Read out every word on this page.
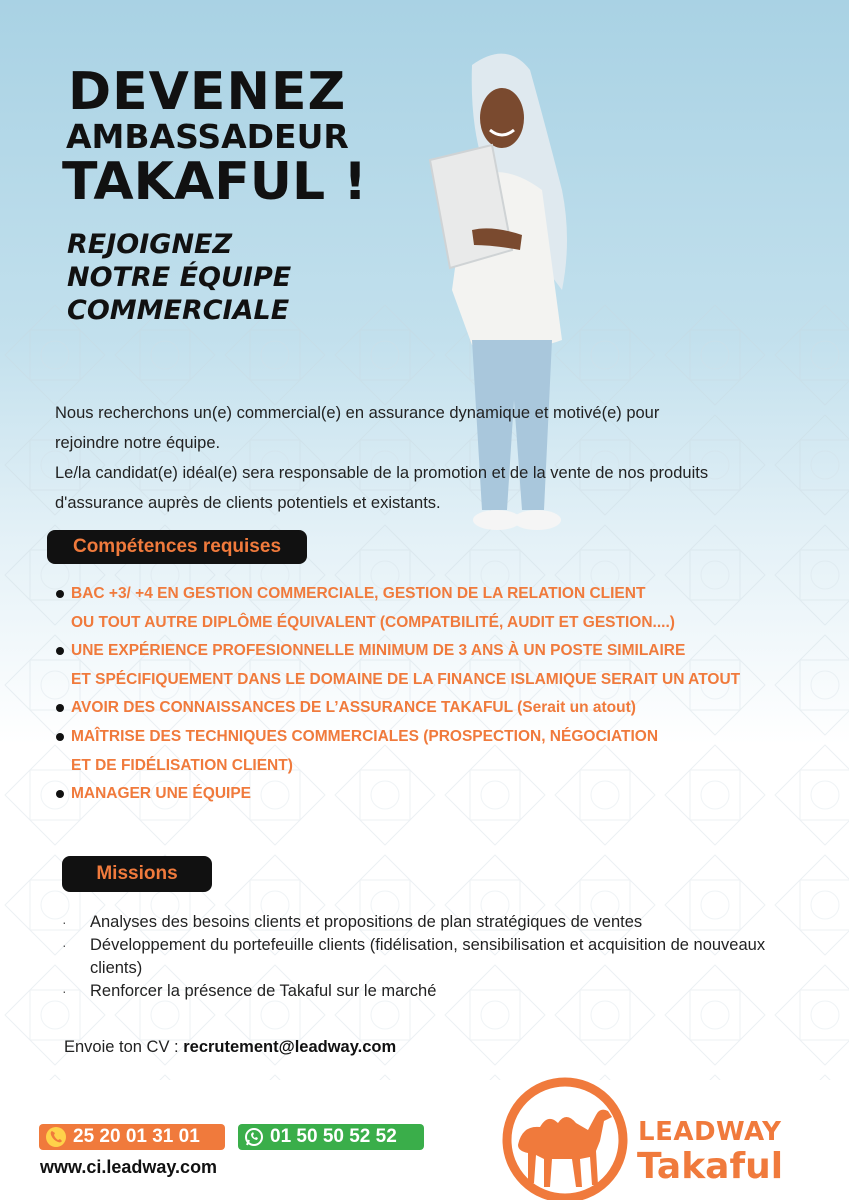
DEVENEZ
AMBASSADEUR
TAKAFUL !
REJOIGNEZ
NOTRE ÉQUIPE
COMMERCIALE

Nous recherchons un(e) commercial(e) en assurance dynamique et motivé(e) pour

rejoindre notre équipe.

Le/la candidat(e) idéal(e) sera responsable de la promotion et de la vente de nos produits

d'assurance auprès de clients potentiels et existants.

Compétences requises
BAC +3/ +4 EN GESTION COMMERCIALE, GESTION DE LA RELATION CLIENT
OU TOUT AUTRE DIPLÔME ÉQUIVALENT (COMPATBILITÉ, AUDIT ET GESTION....)
UNE EXPÉRIENCE PROFESIONNELLE MINIMUM DE 3 ANS À UN POSTE SIMILAIRE
ET SPÉCIFIQUEMENT DANS LE DOMAINE DE LA FINANCE ISLAMIQUE SERAIT UN ATOUT
AVOIR DES CONNAISSANCES DE L’ASSURANCE TAKAFUL (Serait un atout)
MAÎTRISE DES TECHNIQUES COMMERCIALES (PROSPECTION, NÉGOCIATION
ET DE FIDÉLISATION CLIENT)
MANAGER UNE ÉQUIPE
Missions
· Analyses des besoins clients et propositions de plan stratégiques de ventes
· Développement du portefeuille clients (fidélisation, sensibilisation et acquisition de nouveaux clients)
· Renforcer la présence de Takaful sur le marché
Envoie ton CV : recrutement@leadway.com
25 20 01 31 01	01 50 50 52 52
www.ci.leadway.com
LEADWAY
Takaful
